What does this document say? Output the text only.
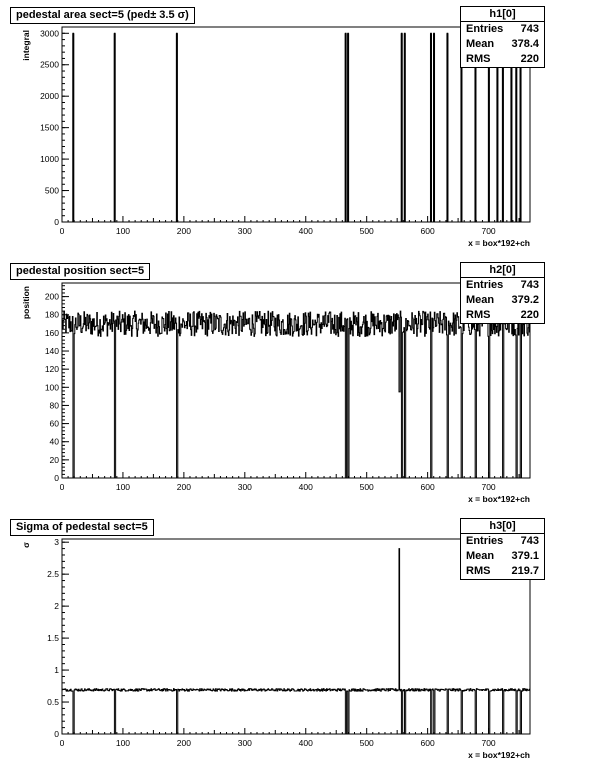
0	100	200	300	400	500	600	700
0
500
1000
1500
2000
2500
3000
x = box*192+ch
integral
pedestal area sect=5 (ped± 3.5 σ)	h1[0]
Entries 743
Mean 378.4
RMS	220
0	100	200	300	400	500	600	700
0
20
40
60
80
100
120
140
160
180
200
x = box*192+ch
position
pedestal position sect=5	h2[0]
Entries 743
Mean 379.2
RMS	220
0	100	200	300	400	500	600	700
0
0.5
1
1.5
2
2.5
3
x = box*192+ch
σ
Sigma of pedestal sect=5	h3[0]
Entries 743
Mean 379.1
RMS 219.7
